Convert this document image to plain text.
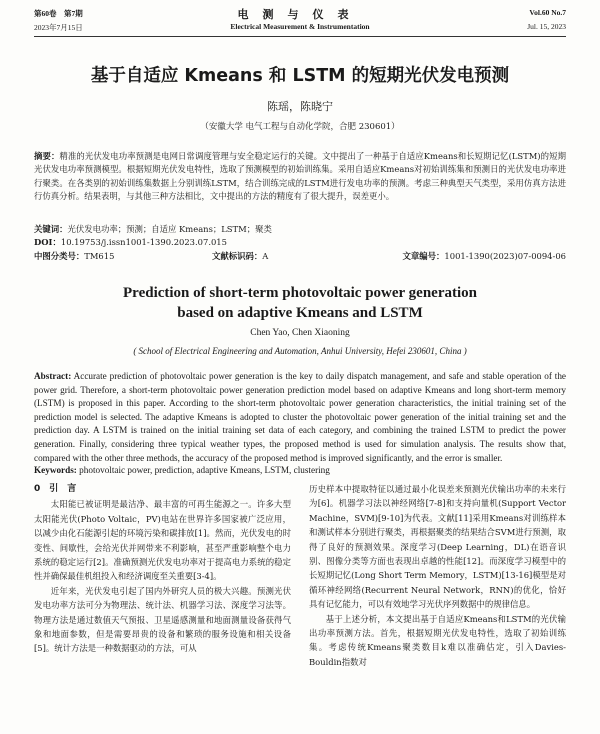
第60卷　第7期
2023年7月15日
电测与仪表
Electrical Measurement & Instrumentation
Vol.60 No.7
Jul. 15, 2023
基于自适应 Kmeans 和 LSTM 的短期光伏发电预测
陈瑶，陈晓宁
（安徽大学 电气工程与自动化学院，合肥 230601）
摘要：精准的光伏发电功率预测是电网日常调度管理与安全稳定运行的关键。文中提出了一种基于自适应Kmeans和长短期记忆(LSTM)的短期光伏发电功率预测模型。根据短期光伏发电特性，选取了预测模型的初始训练集。采用自适应Kmeans对初始训练集和预测日的光伏发电功率进行聚类。在各类别的初始训练集数据上分别训练LSTM，结合训练完成的LSTM进行发电功率的预测。考虑三种典型天气类型，采用仿真方法进行仿真分析。结果表明，与其他三种方法相比，文中提出的方法的精度有了很大提升，误差更小。
关键词：光伏发电功率；预测；自适应 Kmeans；LSTM；聚类
DOI：10.19753/j.issn1001-1390.2023.07.015
中图分类号：TM615	文献标识码：A	文章编号：1001-1390(2023)07-0094-06
Prediction of short-term photovoltaic power generation based on adaptive Kmeans and LSTM
Chen Yao, Chen Xiaoning
( School of Electrical Engineering and Automation, Anhui University, Hefei 230601, China )
Abstract: Accurate prediction of photovoltaic power generation is the key to daily dispatch management, and safe and stable operation of the power grid. Therefore, a short-term photovoltaic power generation prediction model based on adaptive Kmeans and long short-term memory (LSTM) is proposed in this paper. According to the short-term photovoltaic power generation characteristics, the initial training set of the prediction model is selected. The adaptive Kmeans is adopted to cluster the photovoltaic power generation of the initial training set and the prediction day. A LSTM is trained on the initial training set data of each category, and combining the trained LSTM to predict the power generation. Finally, considering three typical weather types, the proposed method is used for simulation analysis. The results show that, compared with the other three methods, the accuracy of the proposed method is improved significantly, and the error is smaller.
Keywords: photovoltaic power, prediction, adaptive Kmeans, LSTM, clustering
0　引　言
太阳能已被证明是最洁净、最丰富的可再生能源之一。许多大型太阳能光伏(Photo Voltaic，PV)电站在世界许多国家被广泛应用，以减少由化石能源引起的环境污染和碳排放[1]。然而，光伏发电的时变性、间歇性，会给光伏并网带来不利影响，甚至严重影响整个电力系统的稳定运行[2]。准确预测光伏发电功率对于提高电力系统的稳定性并确保最佳机组投入和经济调度至关重要[3-4]。
近年来，光伏发电引起了国内外研究人员的极大兴趣。预测光伏发电功率方法可分为物理法、统计法、机器学习法、深度学习法等。物理方法是通过数值天气预报、卫星遥感测量和地面测量设备获得气象和地面参数，但是需要昂贵的设备和繁琐的服务设施和相关设备[5]。统计方法是一种数据驱动的方法，可从
历史样本中提取特征以通过最小化误差来预测光伏输出功率的未来行为[6]。机器学习法以神经网络[7-8]和支持向量机(Support Vector Machine，SVM)[9-10]为代表。文献[11]采用Kmeans对训练样本和测试样本分别进行聚类，再根据聚类的结果结合SVM进行预测，取得了良好的预测效果。深度学习(Deep Learning，DL)在语音识别、图像分类等方面也表现出卓越的性能[12]。而深度学习模型中的长短期记忆(Long Short Term Memory，LSTM)[13-16]模型是对循环神经网络(Recurrent Neural Network，RNN)的优化，恰好具有记忆能力，可以有效地学习光伏序列数据中的规律信息。
基于上述分析，本文提出基于自适应Kmeans和LSTM的光伏输出功率预测方法。首先，根据短期光伏发电特性，选取了初始训练集。考虑传统Kmeans聚类数目k难以准确估定，引入Davies-Bouldin指数对
